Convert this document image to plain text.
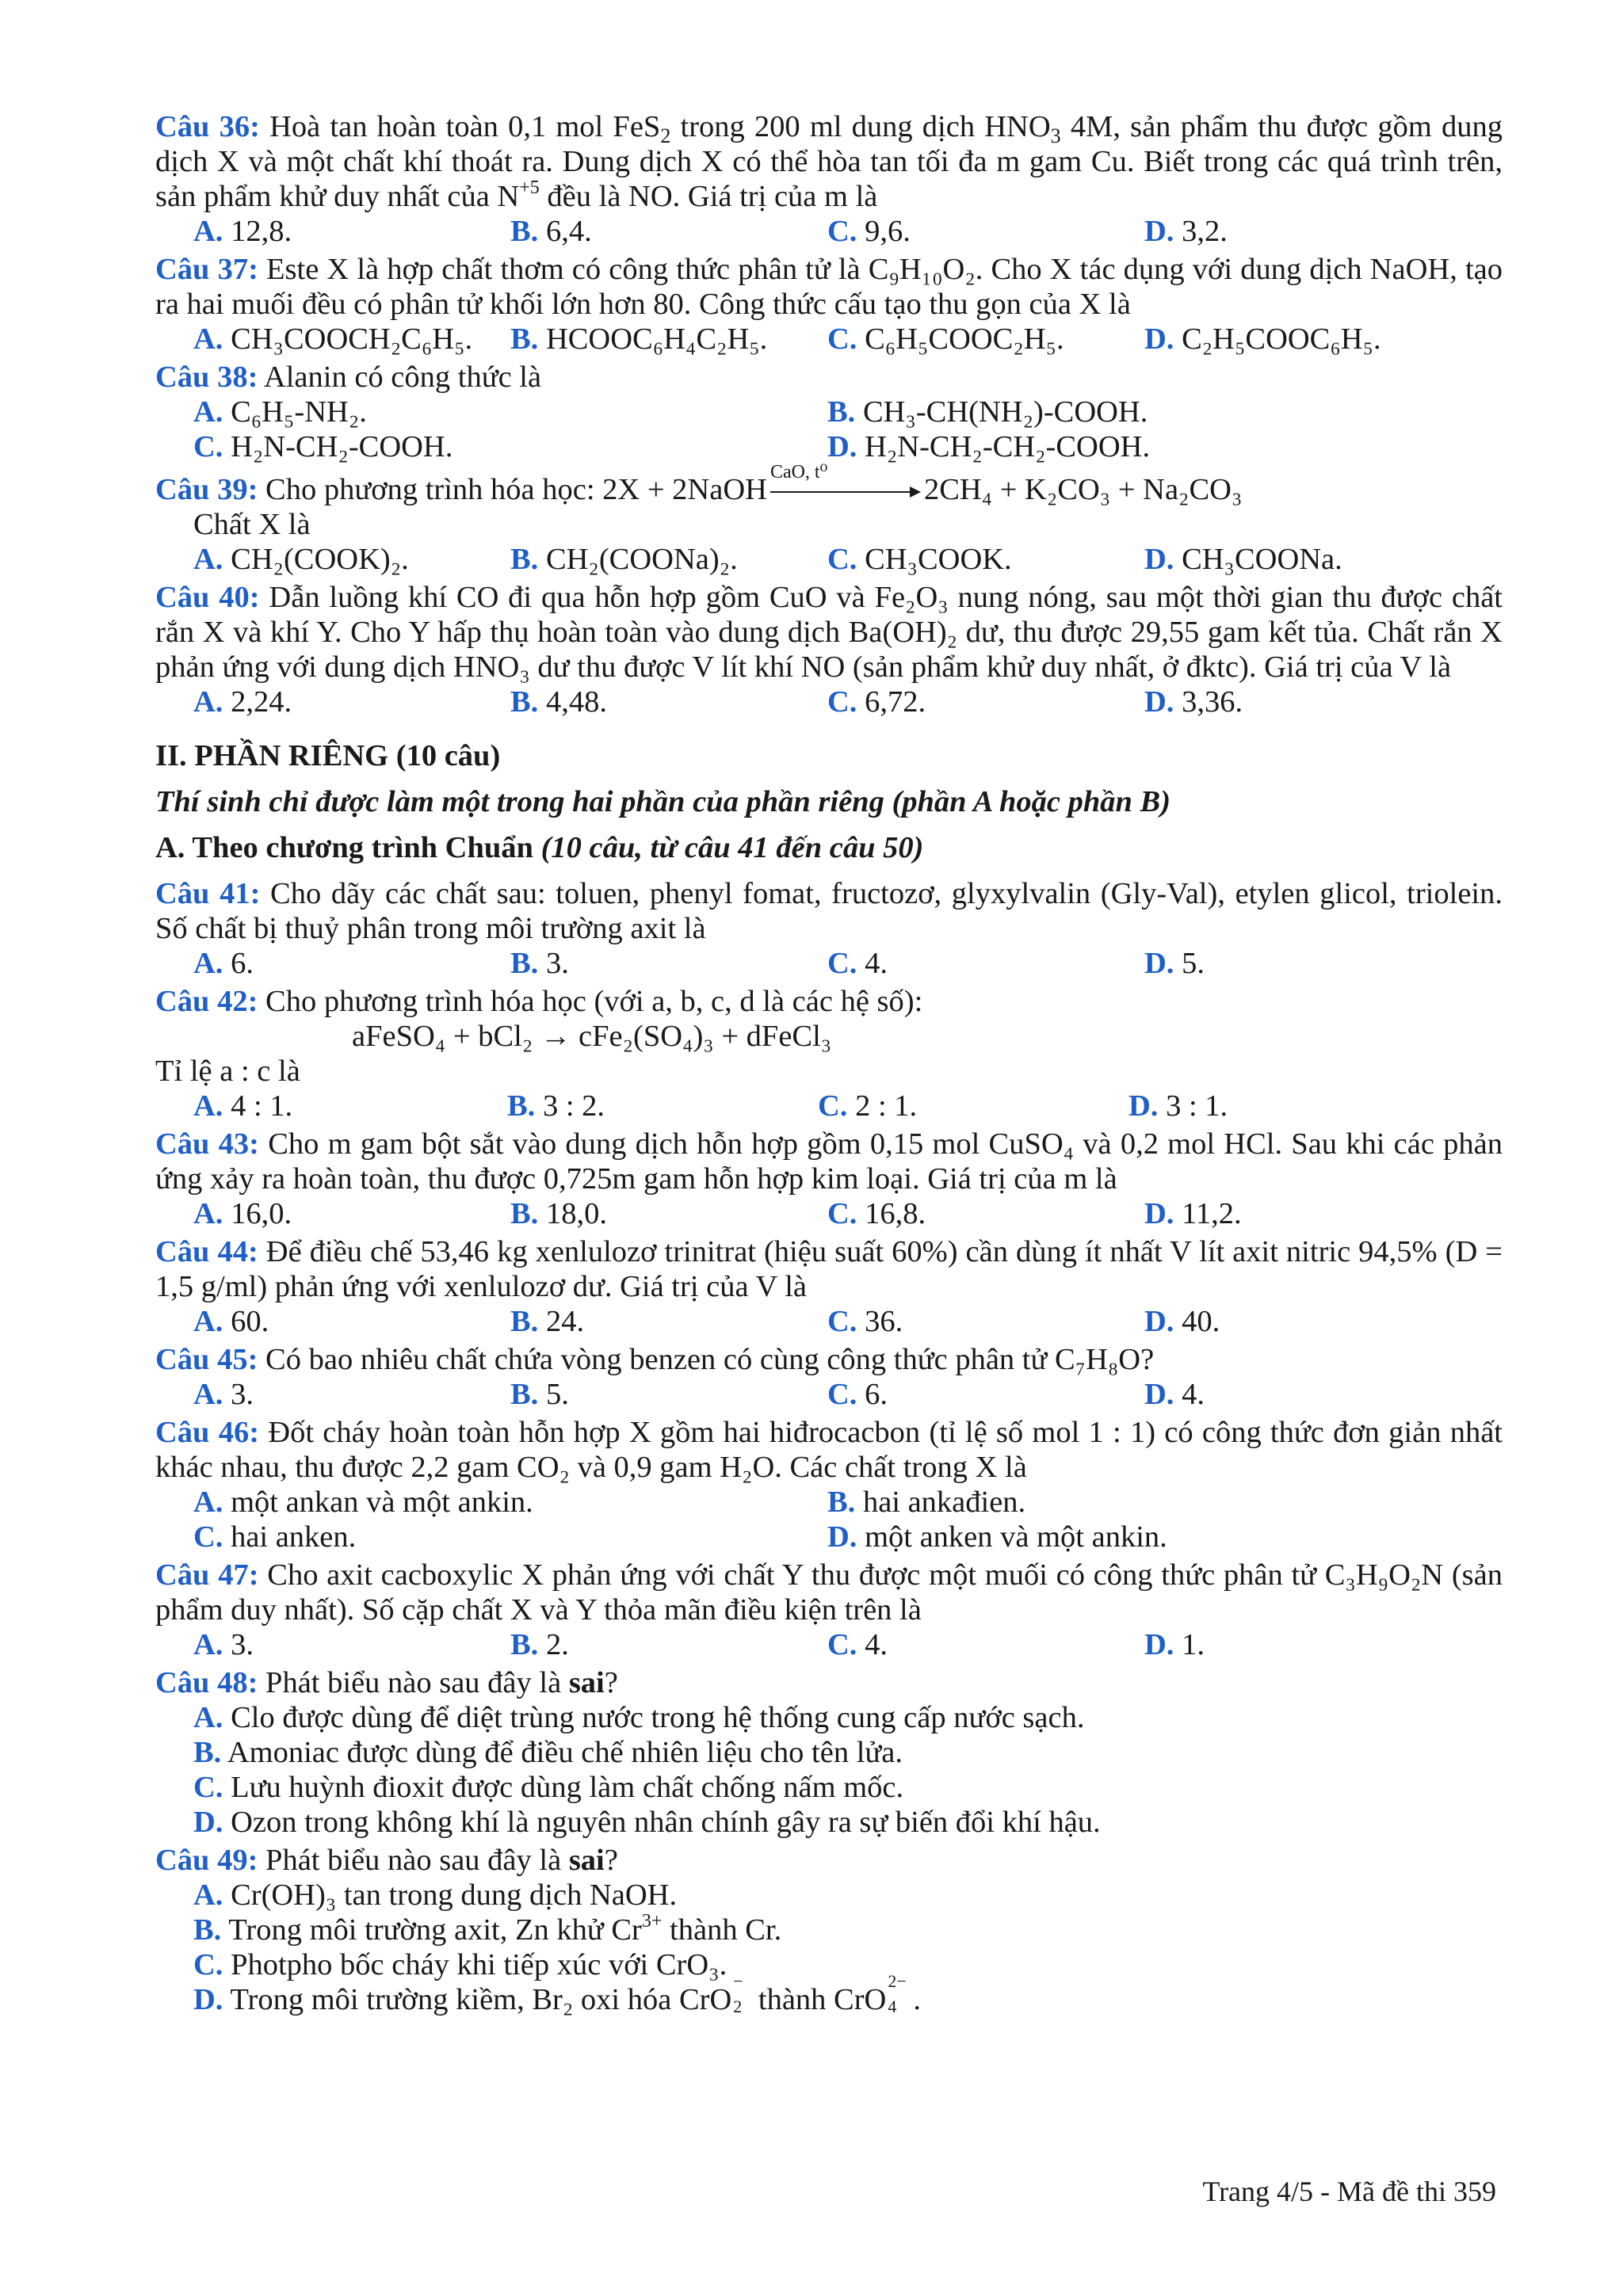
Câu 36: Hoà tan hoàn toàn 0,1 mol FeS$_2$ trong 200 ml dung dịch $HNO_3$ 4M, sản phẩm thu được gồm dung dịch X và một chất khí thoát ra. Dung dịch X có thể hòa tan tối đa m gam Cu. Biết trong các quá trình trên, sản phẩm khử duy nhất của $N^{+5}$ đều là NO. Giá trị của m là
A. 12,8.	B. 6,4.	C. 9,6.	D. 3,2.
Câu 37: Este X là hợp chất thơm có công thức phân tử là C₉H₁₀O₂. Cho X tác dụng với dung dịch NaOH, tạo ra hai muối đều có phân tử khối lớn hơn 80. Công thức cấu tạo thu gọn của X là
A. CH₃COOCH₂C₆H₅.	B. HCOOC₆H₄C₂H₅.	C. C₆H₅COOC₂H₅.	D. C₂H₅COOC₆H₅.
Câu 38: Alanin có công thức là
A. C₆H₅-NH₂.	B. CH₃-CH(NH₂)-COOH.
C. H₂N-CH₂-COOH.	D. H₂N-CH₂-CH₂-COOH.
Câu 39: Cho phương trình hóa học: 2X + 2NaOH
CaO, t⁰
2CH₄ + K₂CO₃ + Na₂CO₃
Chất X là
A. CH₂(COOK)₂.	B. CH₂(COONa)₂.	C. CH₃COOK.	D. CH₃COONa.
Câu 40: Dẫn luồng khí CO đi qua hỗn hợp gồm CuO và Fe₂O₃ nung nóng, sau một thời gian thu được chất rắn X và khí Y. Cho Y hấp thụ hoàn toàn vào dung dịch Ba(OH)₂ dư, thu được 29,55 gam kết tủa. Chất rắn X phản ứng với dung dịch HNO₃ dư thu được V lít khí NO (sản phẩm khử duy nhất, ở đktc). Giá trị của V là
A. 2,24.	B. 4,48.	C. 6,72.	D. 3,36.
II. PHẦN RIÊNG (10 câu)
Thí sinh chỉ được làm một trong hai phần của phần riêng (phần A hoặc phần B)
A. Theo chương trình Chuẩn (10 câu, từ câu 41 đến câu 50)
Câu 41: Cho dãy các chất sau: toluen, phenyl fomat, fructozơ, glyxylvalin (Gly-Val), etylen glicol, triolein. Số chất bị thuỷ phân trong môi trường axit là
A. 6.	B. 3.	C. 4.	D. 5.
Câu 42: Cho phương trình hóa học (với a, b, c, d là các hệ số):
aFeSO₄ + bCl₂ → cFe₂(SO₄)₃ + dFeCl₃
Tỉ lệ a : c là
A. 4 : 1.	B. 3 : 2.	C. 2 : 1.	D. 3 : 1.
Câu 43: Cho m gam bột sắt vào dung dịch hỗn hợp gồm 0,15 mol CuSO₄ và 0,2 mol HCl. Sau khi các phản ứng xảy ra hoàn toàn, thu được 0,725m gam hỗn hợp kim loại. Giá trị của m là
A. 16,0.	B. 18,0.	C. 16,8.	D. 11,2.
Câu 44: Để điều chế 53,46 kg xenlulozơ trinitrat (hiệu suất 60%) cần dùng ít nhất V lít axit nitric 94,5% (D = 1,5 g/ml) phản ứng với xenlulozơ dư. Giá trị của V là
A. 60.	B. 24.	C. 36.	D. 40.
Câu 45: Có bao nhiêu chất chứa vòng benzen có cùng công thức phân tử C₇H₈O?
A. 3.	B. 5.	C. 6.	D. 4.
Câu 46: Đốt cháy hoàn toàn hỗn hợp X gồm hai hiđrocacbon (tỉ lệ số mol 1 : 1) có công thức đơn giản nhất khác nhau, thu được 2,2 gam CO₂ và 0,9 gam H₂O. Các chất trong X là
A. một ankan và một ankin.	B. hai ankađien.
C. hai anken.	D. một anken và một ankin.
Câu 47: Cho axit cacboxylic X phản ứng với chất Y thu được một muối có công thức phân tử C₃H₉O₂N (sản phẩm duy nhất). Số cặp chất X và Y thỏa mãn điều kiện trên là
A. 3.	B. 2.	C. 4.	D. 1.
Câu 48: Phát biểu nào sau đây là sai?
A. Clo được dùng để diệt trùng nước trong hệ thống cung cấp nước sạch.
B. Amoniac được dùng để điều chế nhiên liệu cho tên lửa.
C. Lưu huỳnh đioxit được dùng làm chất chống nấm mốc.
D. Ozon trong không khí là nguyên nhân chính gây ra sự biến đổi khí hậu.
Câu 49: Phát biểu nào sau đây là sai?
A. Cr(OH)₃ tan trong dung dịch NaOH.
B. Trong môi trường axit, Zn khử $Cr^{3+}$ thành Cr.
C. Photpho bốc cháy khi tiếp xúc với CrO₃.
D. Trong môi trường kiềm, Br₂ oxi hóa CrO
−
2 thành CrO
2−
4 .
Trang 4/5 - Mã đề thi 359
